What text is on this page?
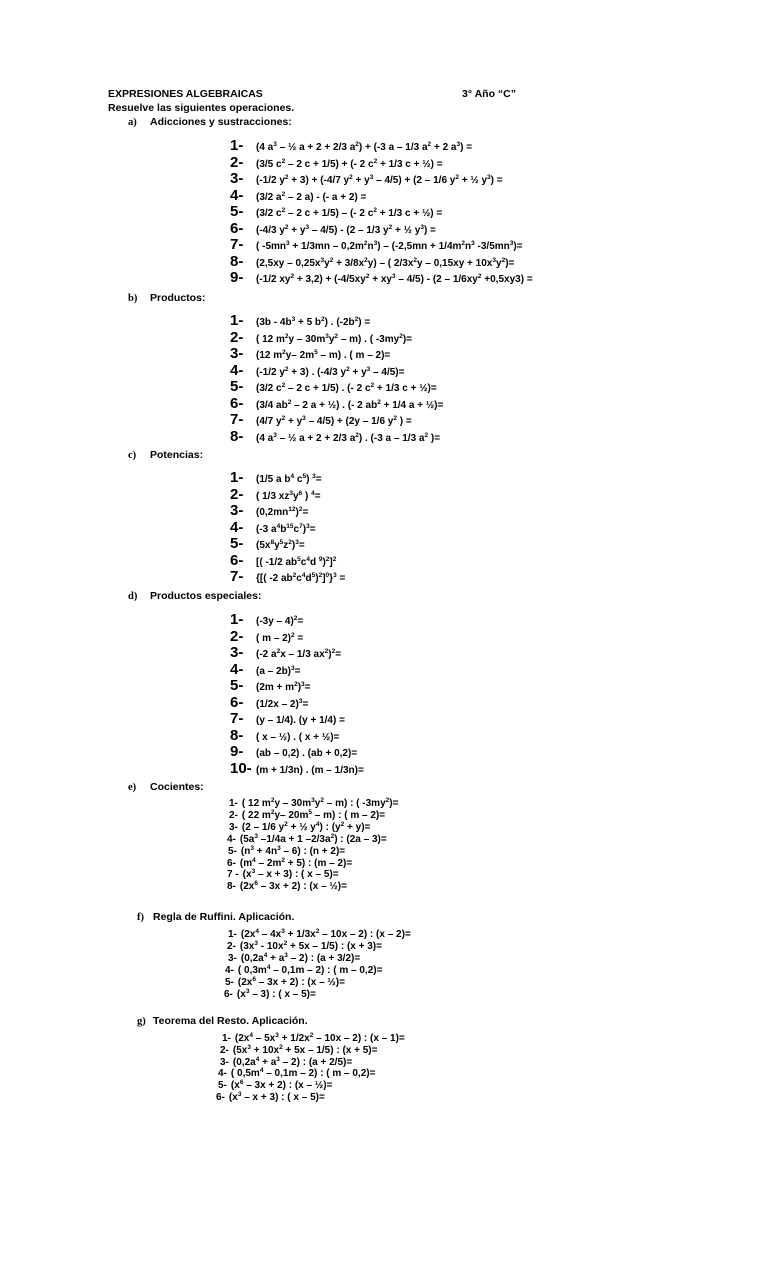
EXPRESIONES ALGEBRAICAS	3° Año “C”
Resuelve las siguientes operaciones.
a) Adicciones y sustracciones:
1- (4 $a^3$ – ½ a + 2 + 2/3 $a^2) + (-3$ a – 1/3 $a^2 + 2$ $a^3$) =
2- (3/5 $c^2 - 2$ c + 1/5) + (- 2 $c^2 + 1/3$ c + ½) =
3- (-1/2 $y^2 + 3) + (-4/7$ $y^2 + y^3 - 4/5) + (2 - 1/6$ $y^2$ + ½ $y^3$) =
4- (3/2 $a^2 - 2$ a) - (- a + 2) =
5- (3/2 $c^2 - 2$ c + 1/5) – (- 2 $c^2 + 1/3$ c + ½) =
6- (-4/3 $y^2 + y^3 - 4/5) - (2 - 1/3$ $y^2$ + ½ $y^3$) =
7- ( $-5mn^3 + 1/3mn - 0,2m^2n^3) - (-2,5mn + 1/4m^2n^3$ $-3/5mn^3)=$
8- $(2,5xy - 0,25x^3y^2 + 3/8x^2y)$ – ( $2/3x^2y - 0,15xy + 10x^3y^2)=$
9- (-1/2 $xy^2 + 3,2) + (-4/5xy^2 + xy^3 - 4/5) - (2 - 1/6xy^2 +0,5xy3)$ =
b) Productos:
1- ($3b - 4b^3 + 5$ $b^2$) . $(-2b^2)$ =
2- ( 12 $m^2y - 30m^3y^2 - m$) . ( $-3my^2)=$
3- (12 $m^2y-$ $2m^5 - m$) . ( m – 2)=
4- (-1/2 $y^2 + 3$) . (-4/3 $y^2 + y^3 - 4/5)=$
5- (3/2 $c^2 - 2$ c + 1/5) . (- 2 $c^2 + 1/3$ c + ½)=
6- (3/4 $ab^2 - 2$ a + ½) . (- 2 $ab^2 + 1/4$ a + ½)=
7- (4/7 $y^2 + y^3 - 4/5) + (2y - 1/6$ $y^2$ ) =
8- (4 $a^3$ – ½ a + 2 + 2/3 $a^2$) . (-3 a – 1/3 $a^2$ )=
c) Potencias:
1- (1/5 a $b^4$ $c^5$) $^3$=
2- ( 1/3 $xz^3y^6$ ) $^4$=
3- $(0,2mn^{12})^2=$
4- (-3 $a^4b^{15}c^7)^3=$
5- $(5x^8y^5z^2)^3=$
6- [( -1/2 $ab^5c^4d$ $^9$)$^2$]$^2$
7- {[( -2 $ab^2c^4d^5)^2]^0\}^3$ =
d) Productos especiales:
1- (-3y – 4)$^2$=
2- ( m – 2)$^2$ =
3- (-2 $a^2x - 1/3$ $ax^2)^2=$
4- (a – 2b)$^3$=
5- $(2m + m^2)^3=$
6- (1/2x – 2)$^3$=
7- (y – 1/4). (y + 1/4) =
8- ( x – ½) . ( x + ½)=
9- (ab – 0,2) . (ab + 0,2)=
10- (m + 1/3n) . (m – 1/3n)=
e) Cocientes:
1- ( 12 $m^2y - 30m^3y^2 - m$) : ( $-3my^2)=$
2- ( 22 $m^2y-$ $20m^5 - m$) : ( m – 2)=
3- (2 – 1/6 $y^2$ + ½ $y^4$) : $(y^2 + y)=$
4- ($5a^3$ –1/4a + 1 $-2/3a^2$) : (2a – 3)=
5- $(n^3 + 4n^3 - 6)$ : (n + 2)=
6- $(m^4 - 2m^2 + 5)$ : (m – 2)=
$7 - (x^3 - x + 3)$ : ( x – 5)=
8- $(2x^6 - 3x + 2)$ : (x – ½)=
f) Regla de Ruffini. Aplicación.
1- $(2x^4 - 4x^3 + 1/3x^2 - 10x - 2)$ : (x – 2)=
2- $(3x^3 - 10x^2 + 5x - 1/5)$ : (x + 3)=
3- $(0,2a^4 + a^3 - 2)$ : (a + 3/2)=
4- ( $0,3m^4 - 0,1m - 2$) : ( m – 0,2)=
5- $(2x^6 - 3x + 2)$ : (x – ½)=
6- $(x^3 - 3)$ : ( x – 5)=
g) Teorema del Resto. Aplicación.
1- $(2x^4 - 5x^3 + 1/2x^2 - 10x - 2)$ : (x – 1)=
2- $(5x^3 + 10x^2 + 5x - 1/5)$ : (x + 5)=
3- $(0,2a^4 + a^3 - 2)$ : (a + 2/5)=
4- ( $0,5m^4 - 0,1m - 2$) : ( m – 0,2)=
5- $(x^6 - 3x + 2)$ : (x – ½)=
6- $(x^3 - x + 3)$ : ( x – 5)=
